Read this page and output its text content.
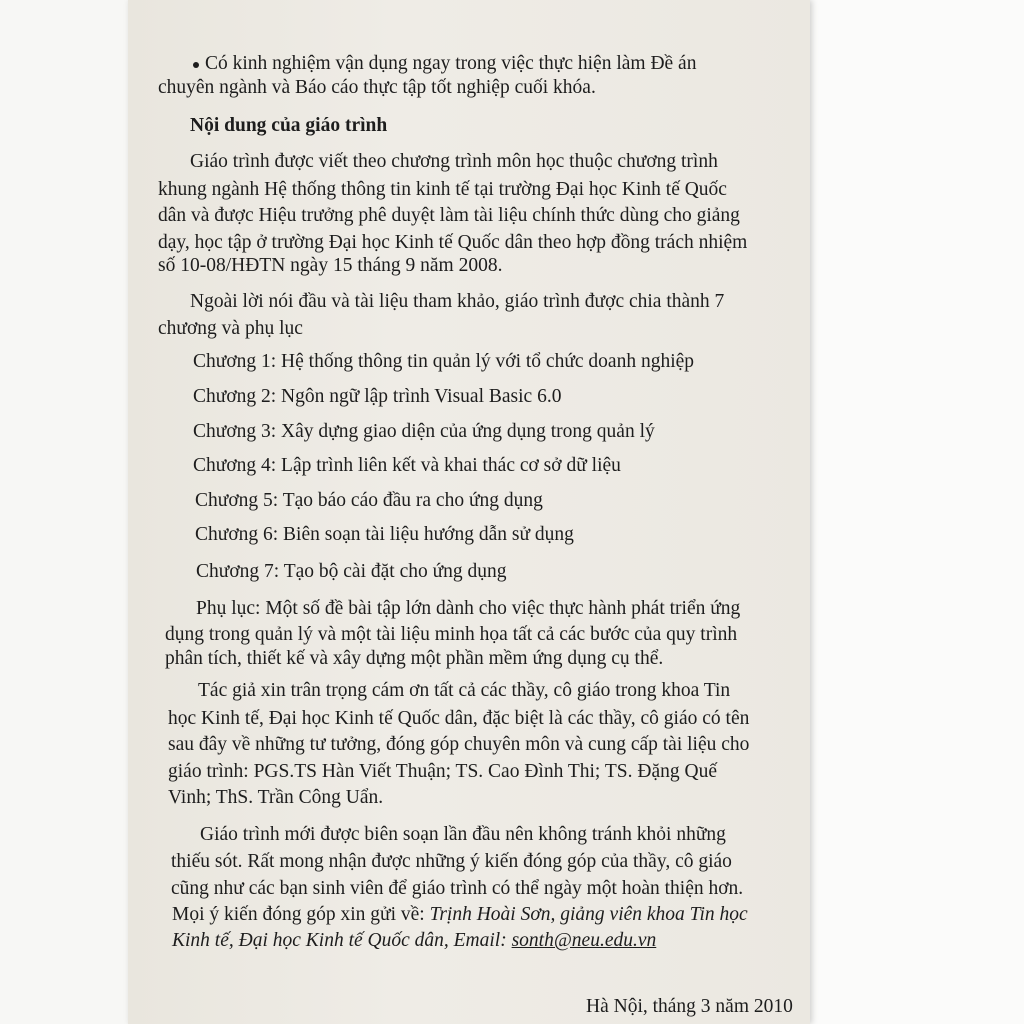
Có kinh nghiệm vận dụng ngay trong việc thực hiện làm Đề án
chuyên ngành và Báo cáo thực tập tốt nghiệp cuối khóa.
Nội dung của giáo trình
Giáo trình được viết theo chương trình môn học thuộc chương trình
khung ngành Hệ thống thông tin kinh tế tại trường Đại học Kinh tế Quốc
dân và được Hiệu trưởng phê duyệt làm tài liệu chính thức dùng cho giảng
dạy, học tập ở trường Đại học Kinh tế Quốc dân theo hợp đồng trách nhiệm
số 10-08/HĐTN ngày 15 tháng 9 năm 2008.
Ngoài lời nói đầu và tài liệu tham khảo, giáo trình được chia thành 7
chương và phụ lục
Chương 1: Hệ thống thông tin quản lý với tổ chức doanh nghiệp
Chương 2: Ngôn ngữ lập trình Visual Basic 6.0
Chương 3: Xây dựng giao diện của ứng dụng trong quản lý
Chương 4: Lập trình liên kết và khai thác cơ sở dữ liệu
Chương 5: Tạo báo cáo đầu ra cho ứng dụng
Chương 6: Biên soạn tài liệu hướng dẫn sử dụng
Chương 7: Tạo bộ cài đặt cho ứng dụng
Phụ lục: Một số đề bài tập lớn dành cho việc thực hành phát triển ứng
dụng trong quản lý và một tài liệu minh họa tất cả các bước của quy trình
phân tích, thiết kế và xây dựng một phần mềm ứng dụng cụ thể.
Tác giả xin trân trọng cám ơn tất cả các thầy, cô giáo trong khoa Tin
học Kinh tế, Đại học Kinh tế Quốc dân, đặc biệt là các thầy, cô giáo có tên
sau đây về những tư tưởng, đóng góp chuyên môn và cung cấp tài liệu cho
giáo trình: PGS.TS Hàn Viết Thuận; TS. Cao Đình Thi; TS. Đặng Quế
Vinh; ThS. Trần Công Uẩn.
Giáo trình mới được biên soạn lần đầu nên không tránh khỏi những
thiếu sót. Rất mong nhận được những ý kiến đóng góp của thầy, cô giáo
cũng như các bạn sinh viên để giáo trình có thể ngày một hoàn thiện hơn.
Mọi ý kiến đóng góp xin gửi về: Trịnh Hoài Sơn, giảng viên khoa Tin học
Kinh tế, Đại học Kinh tế Quốc dân, Email: sonth@neu.edu.vn
Hà Nội, tháng 3 năm 2010
